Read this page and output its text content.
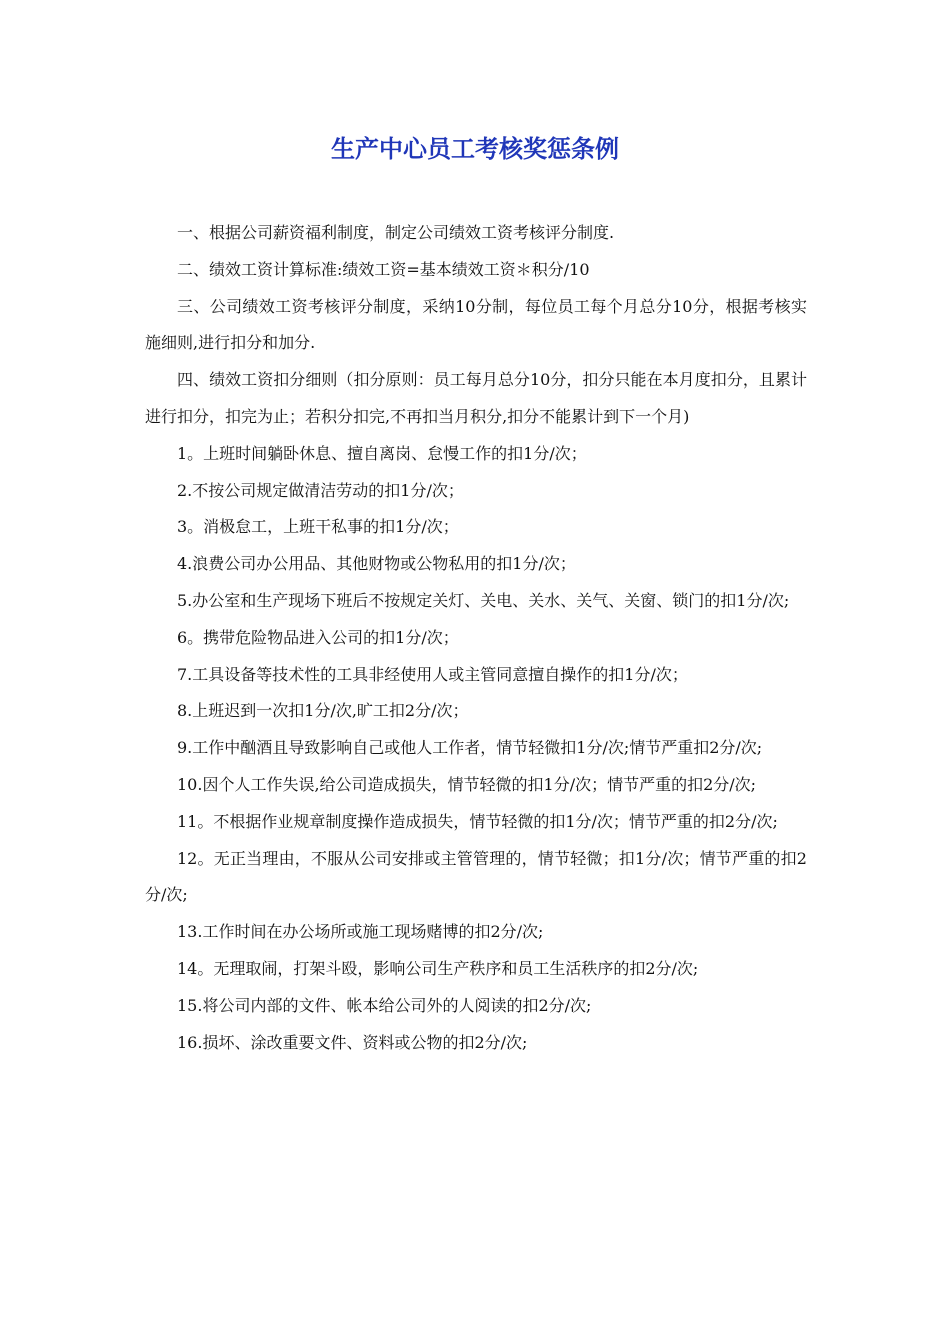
生产中心员工考核奖惩条例

一、根据公司薪资福利制度，制定公司绩效工资考核评分制度.

二、绩效工资计算标准:绩效工资=基本绩效工资＊积分/10

三、公司绩效工资考核评分制度，采纳10分制，每位员工每个月总分10分，根据考核实施细则,进行扣分和加分.

四、绩效工资扣分细则（扣分原则：员工每月总分10分，扣分只能在本月度扣分，且累计进行扣分，扣完为止；若积分扣完,不再扣当月积分,扣分不能累计到下一个月)

1。上班时间躺卧休息、擅自离岗、怠慢工作的扣1分/次；

2.不按公司规定做清洁劳动的扣1分/次；

3。消极怠工，上班干私事的扣1分/次；

4.浪费公司办公用品、其他财物或公物私用的扣1分/次；

5.办公室和生产现场下班后不按规定关灯、关电、关水、关气、关窗、锁门的扣1分/次;

6。携带危险物品进入公司的扣1分/次；

7.工具设备等技术性的工具非经使用人或主管同意擅自操作的扣1分/次；

8.上班迟到一次扣1分/次,旷工扣2分/次；

9.工作中酗酒且导致影响自己或他人工作者，情节轻微扣1分/次;情节严重扣2分/次;

10.因个人工作失误,给公司造成损失，情节轻微的扣1分/次；情节严重的扣2分/次;

11。不根据作业规章制度操作造成损失，情节轻微的扣1分/次；情节严重的扣2分/次;

12。无正当理由，不服从公司安排或主管管理的，情节轻微；扣1分/次；情节严重的扣2分/次;

13.工作时间在办公场所或施工现场赌博的扣2分/次;

14。无理取闹，打架斗殴，影响公司生产秩序和员工生活秩序的扣2分/次;

15.将公司内部的文件、帐本给公司外的人阅读的扣2分/次;

16.损坏、涂改重要文件、资料或公物的扣2分/次;
